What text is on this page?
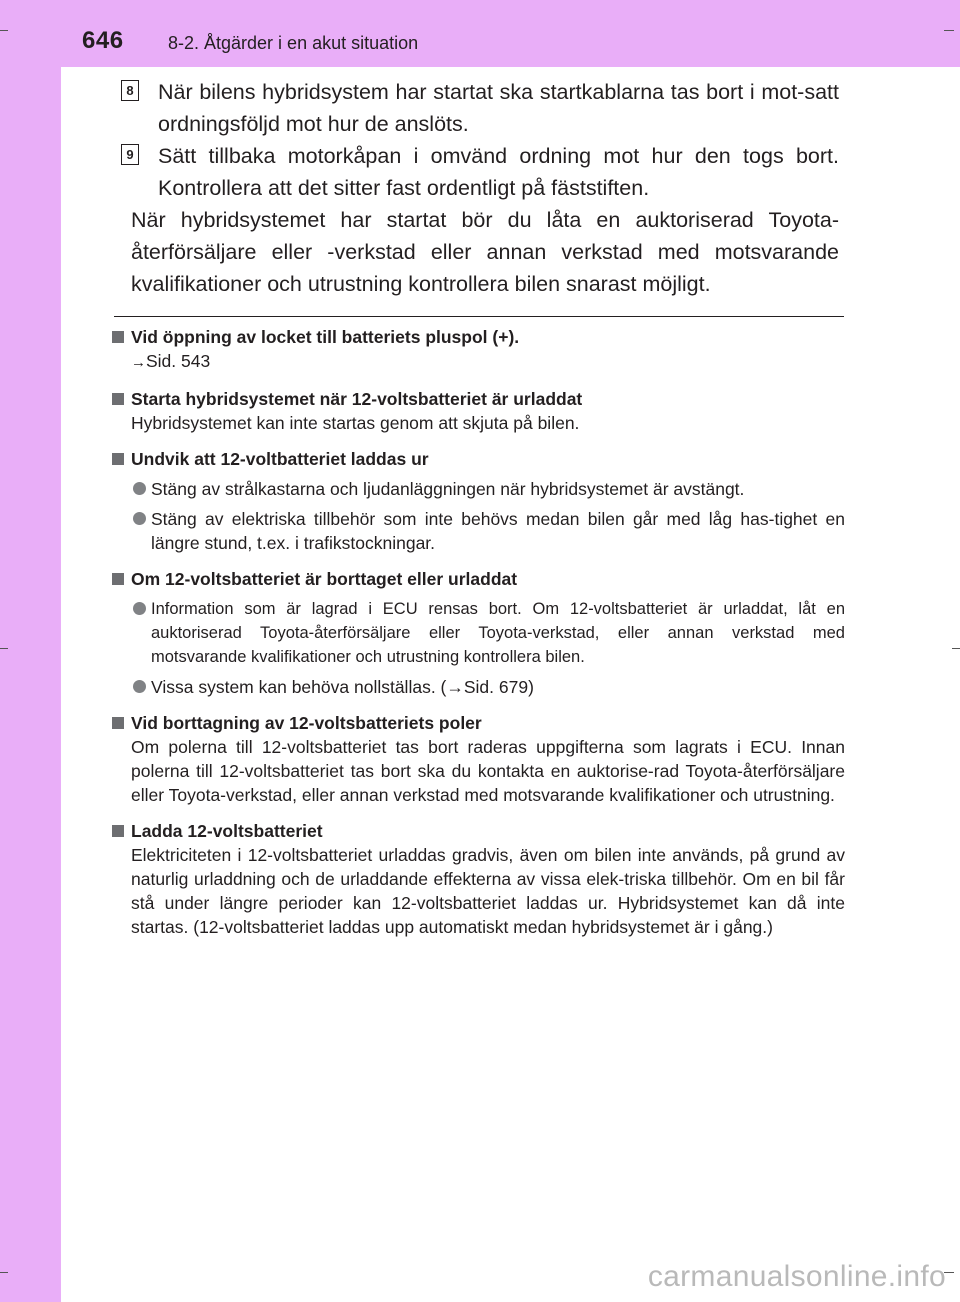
646 8-2. Åtgärder i en akut situation
8 När bilens hybridsystem har startat ska startkablarna tas bort i mot-satt ordningsföljd mot hur de anslöts.
9 Sätt tillbaka motorkåpan i omvänd ordning mot hur den togs bort. Kontrollera att det sitter fast ordentligt på fäststiften.
När hybridsystemet har startat bör du låta en auktoriserad Toyota-återförsäljare eller -verkstad eller annan verkstad med motsvarande kvalifikationer och utrustning kontrollera bilen snarast möjligt.
Vid öppning av locket till batteriets pluspol (+).
→Sid. 543
Starta hybridsystemet när 12-voltsbatteriet är urladdat
Hybridsystemet kan inte startas genom att skjuta på bilen.
Undvik att 12-voltbatteriet laddas ur
Stäng av strålkastarna och ljudanläggningen när hybridsystemet är avstängt.
Stäng av elektriska tillbehör som inte behövs medan bilen går med låg has-tighet en längre stund, t.ex. i trafikstockningar.
Om 12-voltsbatteriet är borttaget eller urladdat
Information som är lagrad i ECU rensas bort. Om 12-voltsbatteriet är urladdat, låt en auktoriserad Toyota-återförsäljare eller Toyota-verkstad, eller annan verkstad med motsvarande kvalifikationer och utrustning kontrollera bilen.
Vissa system kan behöva nollställas. (→Sid. 679)
Vid borttagning av 12-voltsbatteriets poler
Om polerna till 12-voltsbatteriet tas bort raderas uppgifterna som lagrats i ECU. Innan polerna till 12-voltsbatteriet tas bort ska du kontakta en auktorise-rad Toyota-återförsäljare eller Toyota-verkstad, eller annan verkstad med motsvarande kvalifikationer och utrustning.
Ladda 12-voltsbatteriet
Elektriciteten i 12-voltsbatteriet urladdas gradvis, även om bilen inte används, på grund av naturlig urladdning och de urladdande effekterna av vissa elek-triska tillbehör. Om en bil får stå under längre perioder kan 12-voltsbatteriet laddas ur. Hybridsystemet kan då inte startas. (12-voltsbatteriet laddas upp automatiskt medan hybridsystemet är i gång.)
carmanualsonline.info
